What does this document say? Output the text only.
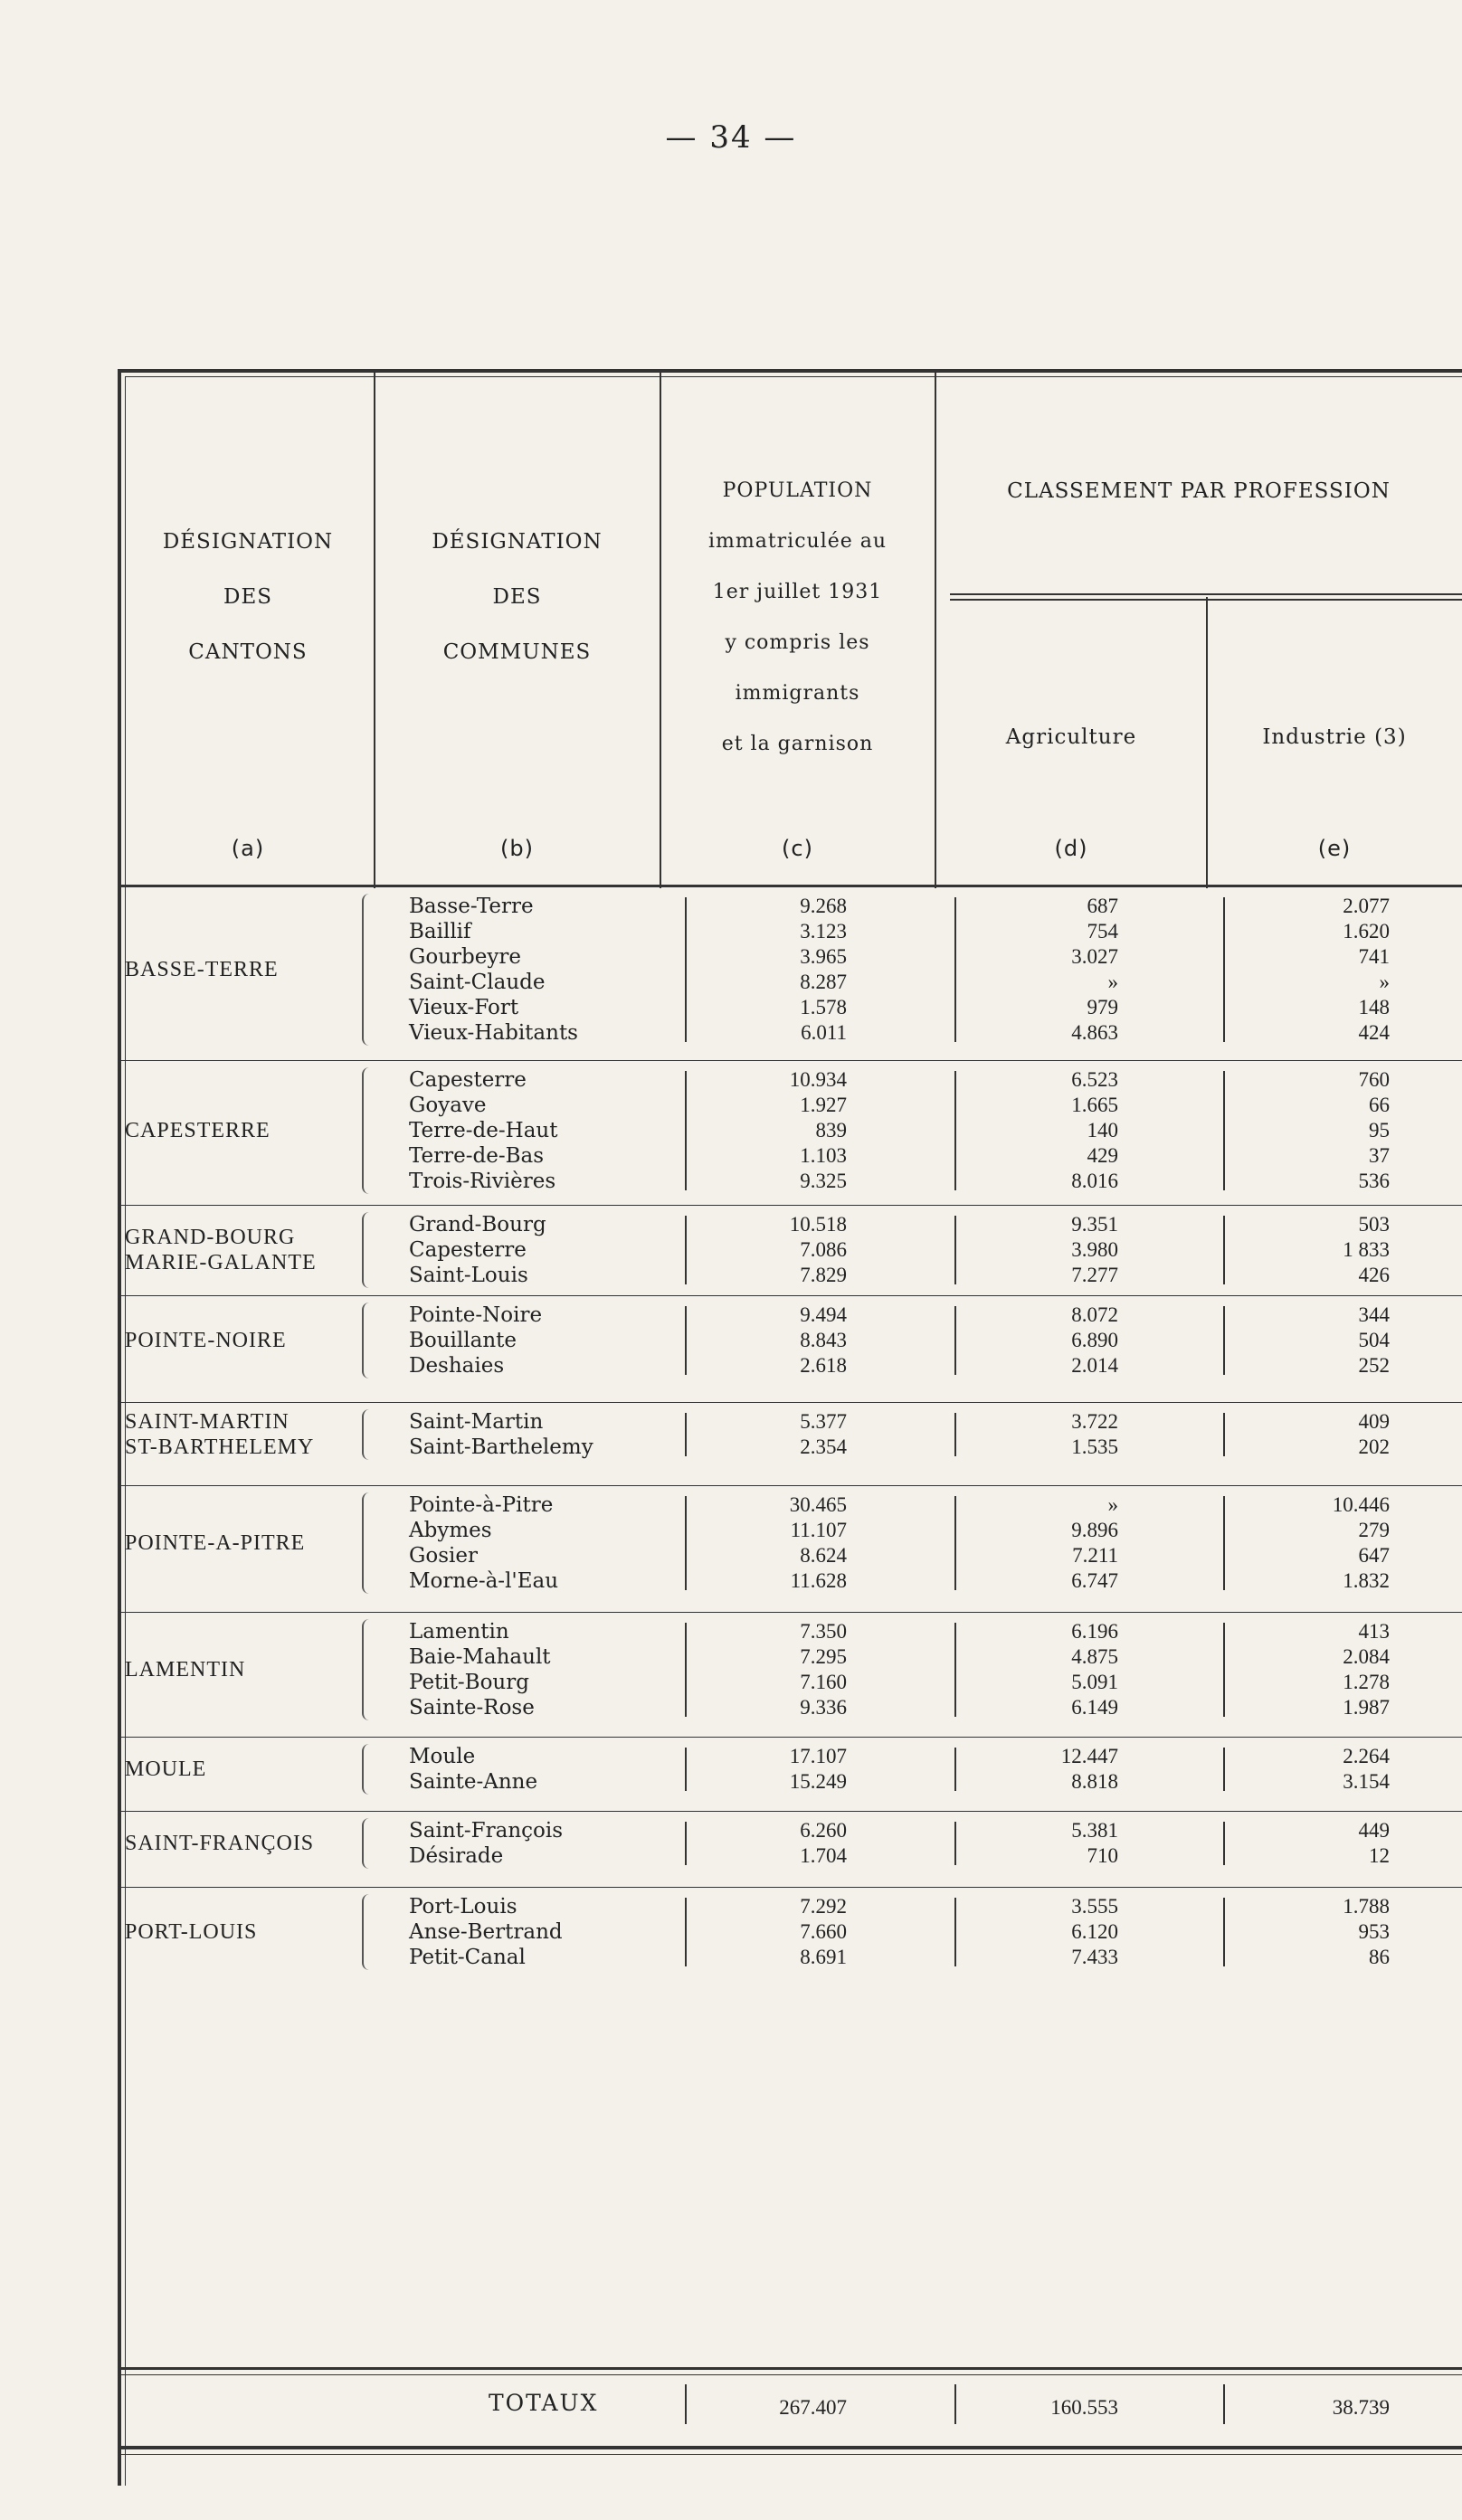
— 34 —
DÉSIGNATION
DES
CANTONS
DÉSIGNATION
DES
COMMUNES
POPULATION
immatriculée au
1er juillet 1931
y compris les
immigrants
et la garnison
CLASSEMENT PAR PROFESSION
Agriculture	Industrie (3)
(a)	(b)	(c)	(d)	(e)
BASSE-TERRE
Basse-Terre	9.268	687	2.077
Baillif	3.123	754	1.620
Gourbeyre	3.965	3.027	741
Saint-Claude	8.287	»	»
Vieux-Fort	1.578	979	148
Vieux-Habitants	6.011	4.863	424
CAPESTERRE
Capesterre	10.934	6.523	760
Goyave	1.927	1.665	66
Terre-de-Haut	839	140	95
Terre-de-Bas	1.103	429	37
Trois-Rivières	9.325	8.016	536
GRAND-BOURG
MARIE-GALANTE
Grand-Bourg	10.518	9.351	503
Capesterre	7.086	3.980	1 833
Saint-Louis	7.829	7.277	426
POINTE-NOIRE
Pointe-Noire	9.494	8.072	344
Bouillante	8.843	6.890	504
Deshaies	2.618	2.014	252
SAINT-MARTIN
ST-BARTHELEMY
Saint-Martin	5.377	3.722	409
Saint-Barthelemy	2.354	1.535	202
POINTE-A-PITRE
Pointe-à-Pitre	30.465	»	10.446
Abymes	11.107	9.896	279
Gosier	8.624	7.211	647
Morne-à-l'Eau	11.628	6.747	1.832
LAMENTIN
Lamentin	7.350	6.196	413
Baie-Mahault	7.295	4.875	2.084
Petit-Bourg	7.160	5.091	1.278
Sainte-Rose	9.336	6.149	1.987
MOULE
Moule	17.107	12.447	2.264
Sainte-Anne	15.249	8.818	3.154
SAINT-FRANÇOIS
Saint-François	6.260	5.381	449
Désirade	1.704	710	12
PORT-LOUIS
Port-Louis	7.292	3.555	1.788
Anse-Bertrand	7.660	6.120	953
Petit-Canal	8.691	7.433	86
TOTAUX	267.407	160.553	38.739
